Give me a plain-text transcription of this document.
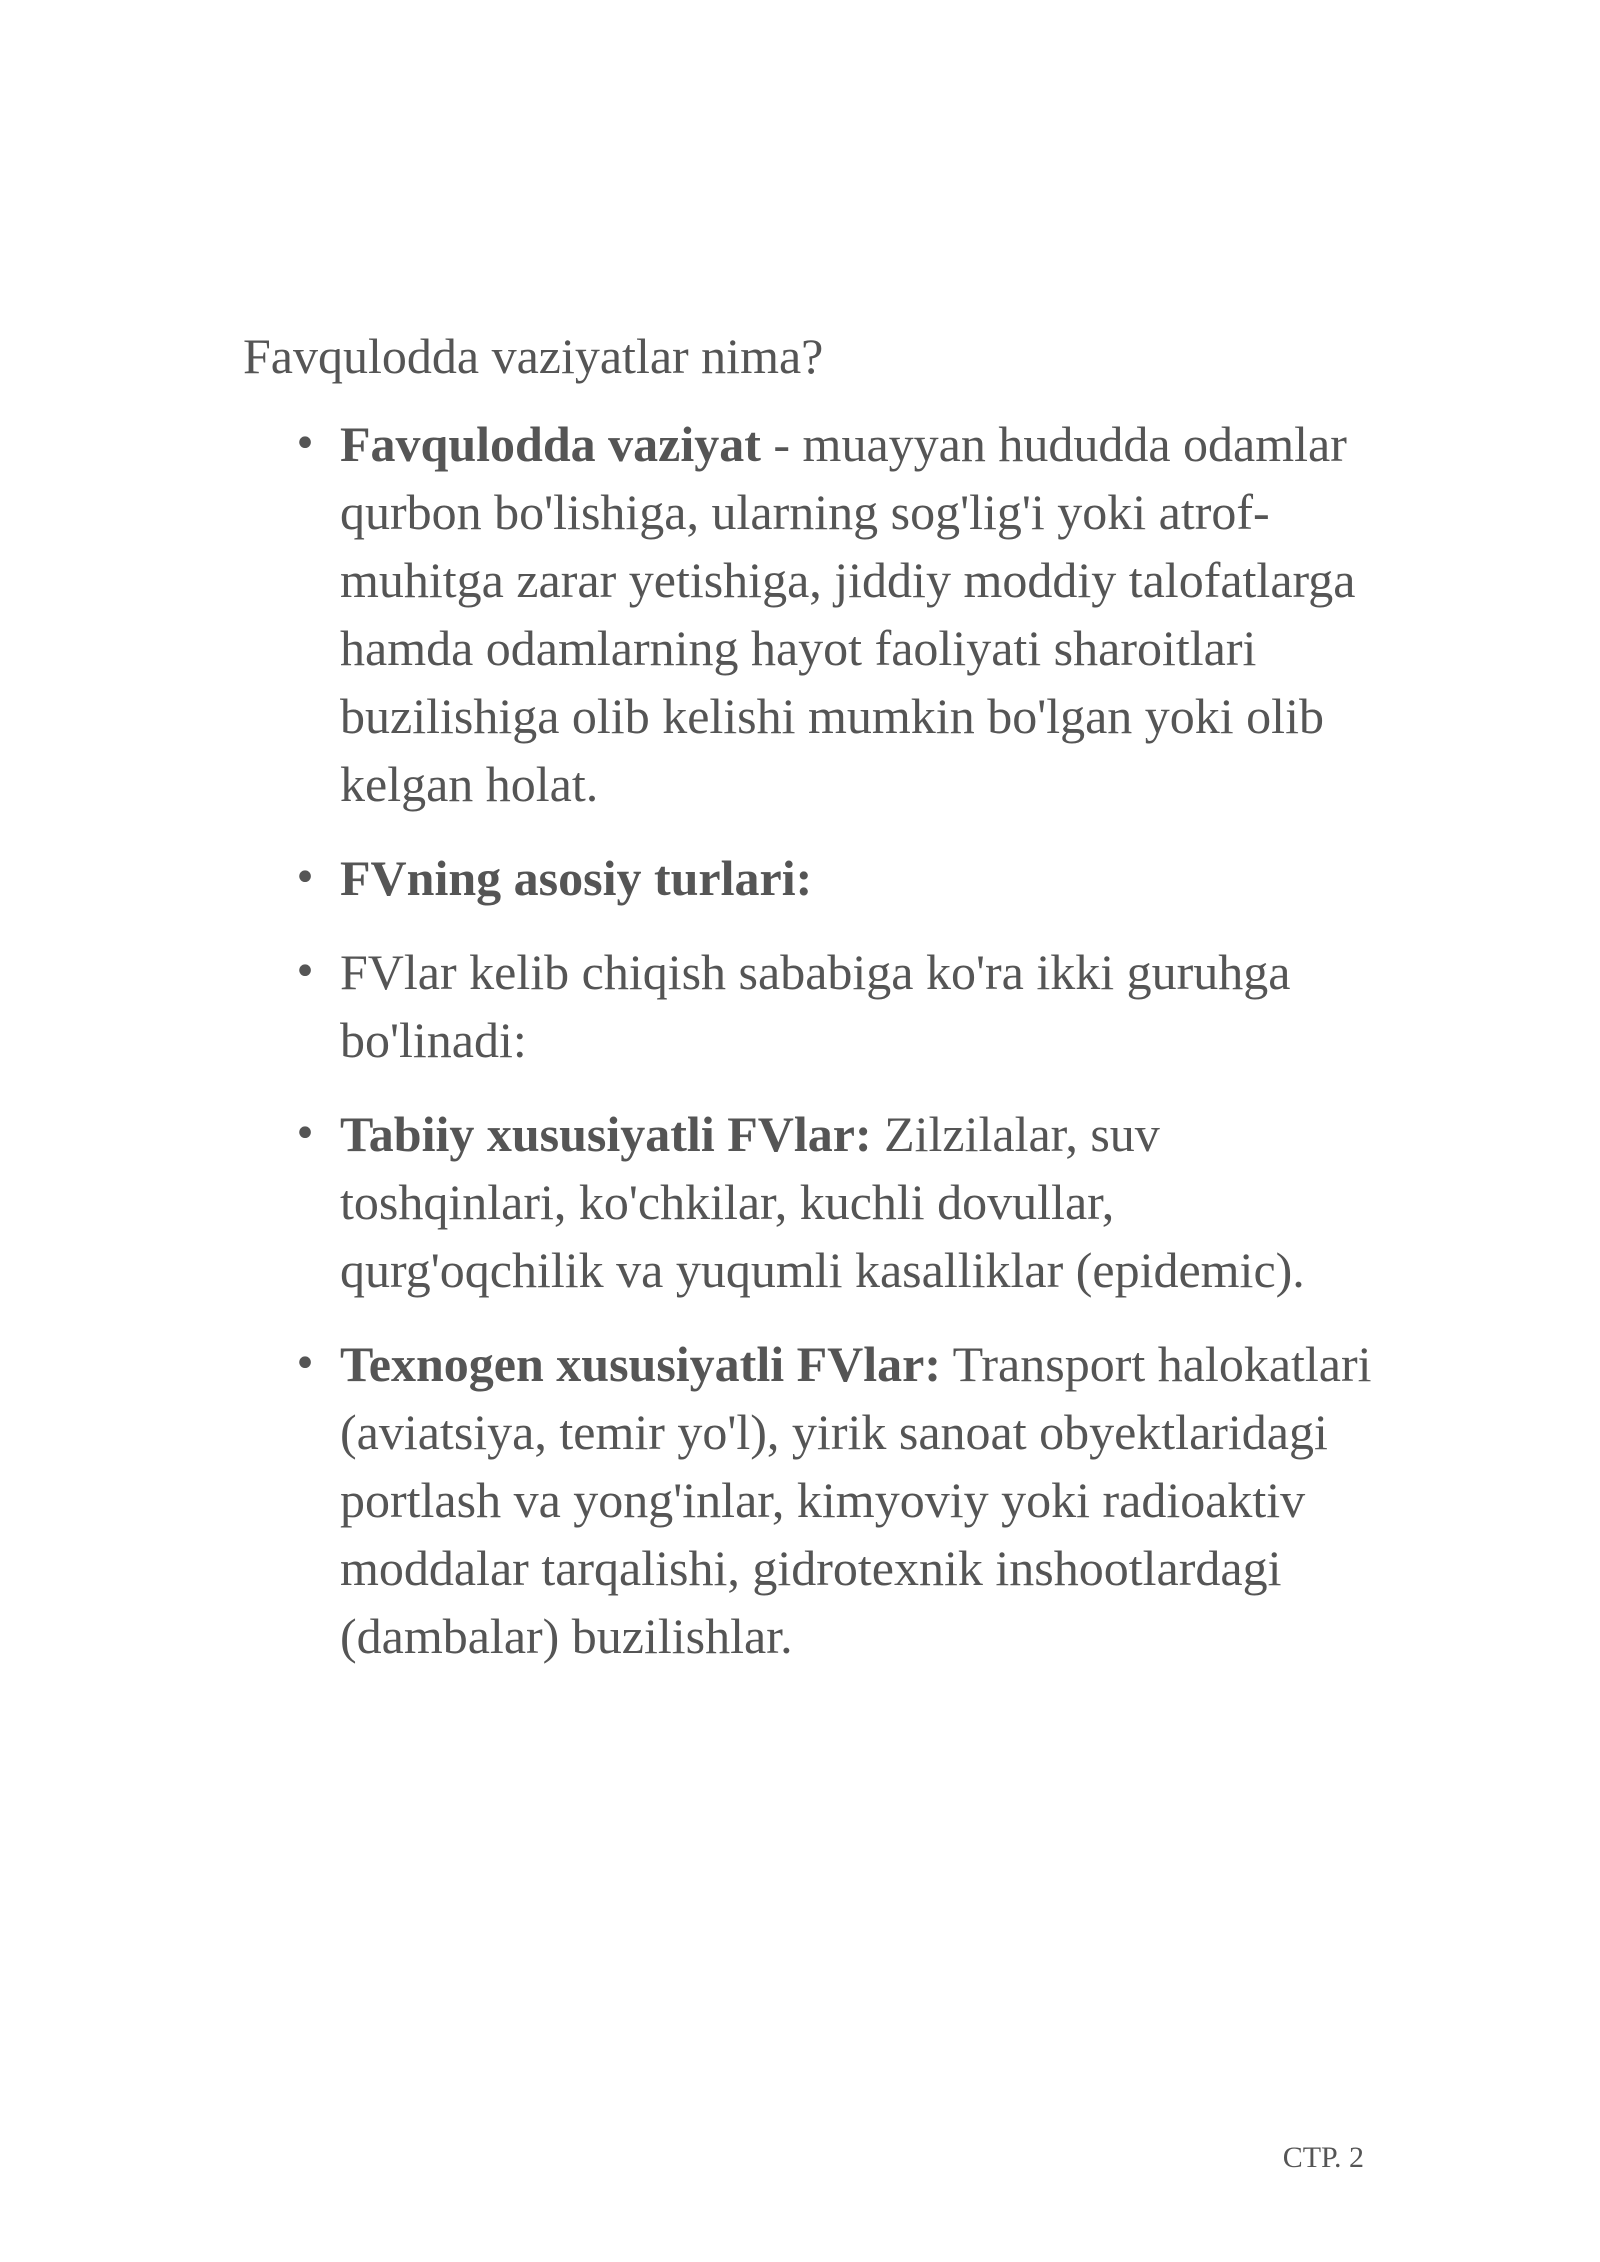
Favqulodda vaziyatlar nima?

• Favqulodda vaziyat - muayyan hududda odamlar qurbon bo'lishiga, ularning sog'lig'i yoki atrof-muhitga zarar yetishiga, jiddiy moddiy talofatlarga hamda odamlarning hayot faoliyati sharoitlari buzilishiga olib kelishi mumkin bo'lgan yoki olib kelgan holat.
• FVning asosiy turlari:
• FVlar kelib chiqish sababiga ko'ra ikki guruhga bo'linadi:
• Tabiiy xususiyatli FVlar: Zilzilalar, suv toshqinlari, ko'chkilar, kuchli dovullar, qurg'oqchilik va yuqumli kasalliklar (epidemic).
• Texnogen xususiyatli FVlar: Transport halokatlari (aviatsiya, temir yo'l), yirik sanoat obyektlaridagi portlash va yong'inlar, kimyoviy yoki radioaktiv moddalar tarqalishi, gidrotexnik inshootlardagi (dambalar) buzilishlar.
СТР. 2
